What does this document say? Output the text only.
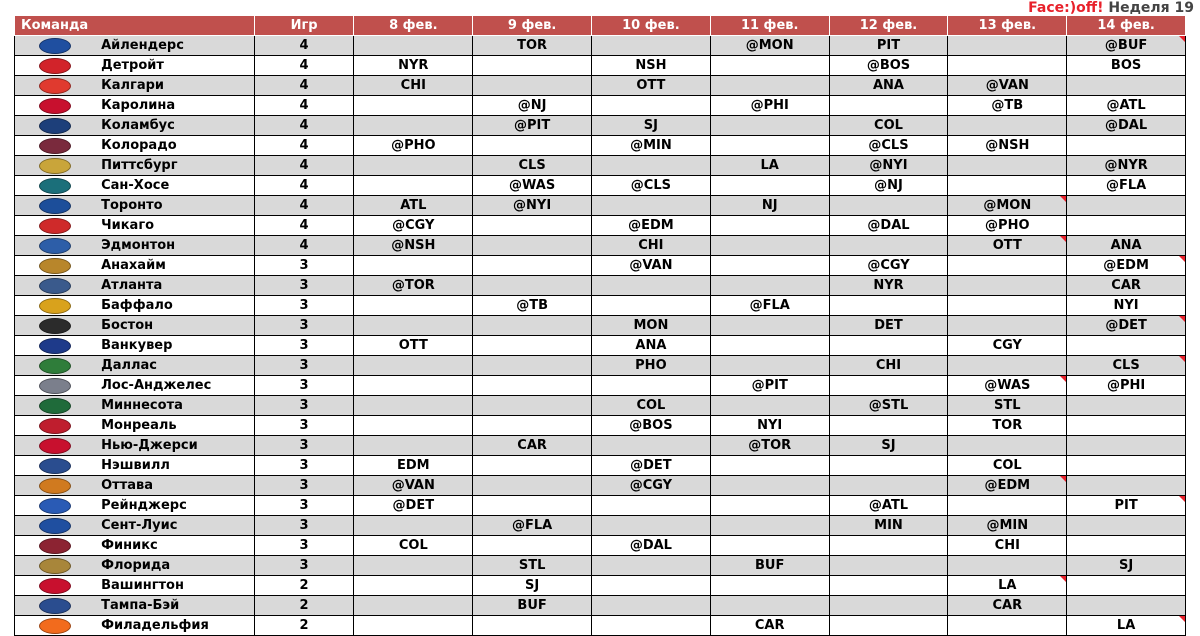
Face:)off! Неделя 19
Команда		Игр	8 фев.	9 фев.	10 фев.	11 фев.	12 фев.	13 фев.	14 фев.
	Айлендерс	4		TOR		@MON	PIT		@BUF
	Детройт	4	NYR		NSH		@BOS		BOS
	Калгари	4	CHI		OTT		ANA	@VAN	
	Каролина	4		@NJ		@PHI		@TB	@ATL
	Коламбус	4		@PIT	SJ		COL		@DAL
	Колорадо	4	@PHO		@MIN		@CLS	@NSH	
	Питтсбург	4		CLS		LA	@NYI		@NYR
	Сан-Хосе	4		@WAS	@CLS		@NJ		@FLA
	Торонто	4	ATL	@NYI		NJ		@MON	
	Чикаго	4	@CGY		@EDM		@DAL	@PHO	
	Эдмонтон	4	@NSH		CHI			OTT	ANA
	Анахайм	3			@VAN		@CGY		@EDM
	Атланта	3	@TOR				NYR		CAR
	Баффало	3		@TB		@FLA			NYI
	Бостон	3			MON		DET		@DET
	Ванкувер	3	OTT		ANA			CGY	
	Даллас	3			PHO		CHI		CLS
	Лос-Анджелес	3				@PIT		@WAS	@PHI
	Миннесота	3			COL		@STL	STL	
	Монреаль	3			@BOS	NYI		TOR	
	Нью-Джерси	3		CAR		@TOR	SJ		
	Нэшвилл	3	EDM		@DET			COL	
	Оттава	3	@VAN		@CGY			@EDM	
	Рейнджерс	3	@DET				@ATL		PIT
	Сент-Луис	3		@FLA			MIN	@MIN	
	Финикс	3	COL		@DAL			CHI	
	Флорида	3		STL		BUF			SJ
	Вашингтон	2		SJ				LA	
	Тампа-Бэй	2		BUF				CAR	
	Филадельфия	2				CAR			LA
